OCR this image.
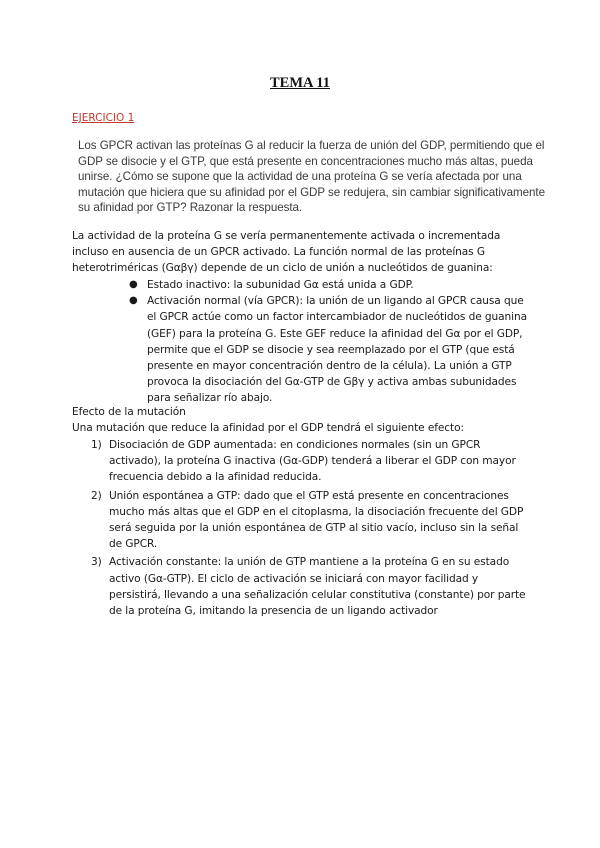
TEMA 11
EJERCICIO 1
Los GPCR activan las proteínas G al reducir la fuerza de unión del GDP, permitiendo que el GDP se disocie y el GTP, que está presente en concentraciones mucho más altas, pueda unirse. ¿Cómo se supone que la actividad de una proteína G se vería afectada por una mutación que hiciera que su afinidad por el GDP se redujera, sin cambiar significativamente su afinidad por GTP? Razonar la respuesta.
La actividad de la proteína G se vería permanentemente activada o incrementada incluso en ausencia de un GPCR activado. La función normal de las proteínas G heterotriméricas (Gαβγ) depende de un ciclo de unión a nucleótidos de guanina:
● Estado inactivo: la subunidad Gα está unida a GDP.
● Activación normal (vía GPCR): la unión de un ligando al GPCR causa que el GPCR actúe como un factor intercambiador de nucleótidos de guanina (GEF) para la proteína G. Este GEF reduce la afinidad del Gα por el GDP, permite que el GDP se disocie y sea reemplazado por el GTP (que está presente en mayor concentración dentro de la célula). La unión a GTP provoca la disociación del Gα-GTP de Gβγ y activa ambas subunidades para señalizar río abajo.
Efecto de la mutación
Una mutación que reduce la afinidad por el GDP tendrá el siguiente efecto:
1) Disociación de GDP aumentada: en condiciones normales (sin un GPCR activado), la proteína G inactiva (Gα-GDP) tenderá a liberar el GDP con mayor frecuencia debido a la afinidad reducida.
2) Unión espontánea a GTP: dado que el GTP está presente en concentraciones mucho más altas que el GDP en el citoplasma, la disociación frecuente del GDP será seguida por la unión espontánea de GTP al sitio vacío, incluso sin la señal de GPCR.
3) Activación constante: la unión de GTP mantiene a la proteína G en su estado activo (Gα-GTP). El ciclo de activación se iniciará con mayor facilidad y persistirá, llevando a una señalización celular constitutiva (constante) por parte de la proteína G, imitando la presencia de un ligando activador
